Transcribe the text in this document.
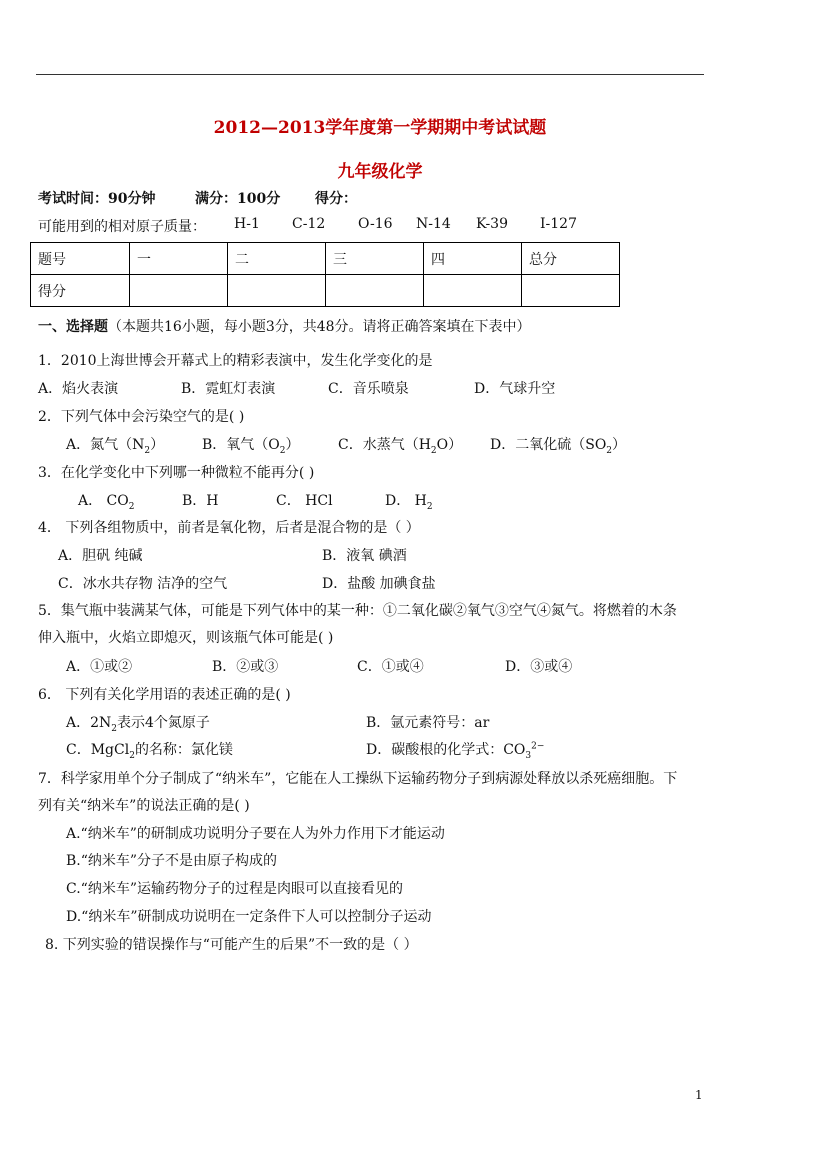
2012—2013学年度第一学期期中考试试题
九年级化学
考试时间：90分钟	满分：100分 得分：
可能用到的相对原子质量： H-1 C-12 O-16 N-14 K-39 I-127
题号	一	二	三	四	总分
得分					
一、选择题（本题共16小题，每小题3分，共48分。请将正确答案填在下表中）
1．2010上海世博会开幕式上的精彩表演中，发生化学变化的是
A．焰火表演	B．霓虹灯表演	C．音乐喷泉	D．气球升空
2．下列气体中会污染空气的是( )
A．氮气$(N_2)$	B．氧气$(O_2)$	C．水蒸气$(H_2O)$ D．二氧化硫$(SO_2)$
3．在化学变化中下列哪一种微粒不能再分( )
A． $CO_2$	B．H	C． HCl	D． $H_2$
4． 下列各组物质中，前者是氧化物，后者是混合物的是（ ）
A．胆矾 纯碱	B．液氧 碘酒
C．冰水共存物 洁净的空气	D．盐酸 加碘食盐
5．集气瓶中装满某气体，可能是下列气体中的某一种：①二氧化碳②氧气③空气④氮气。将燃着的木条
伸入瓶中，火焰立即熄灭，则该瓶气体可能是( )
A．①或②	B．②或③	C．①或④	D．③或④
6． 下列有关化学用语的表述正确的是( )
A．$2N_2$表示4个氮原子	B．氩元素符号：ar
C．MgCl$_2$的名称：氯化镁	D．碳酸根的化学式：$CO_3^{2-}$
7．科学家用单个分子制成了“纳米车”，它能在人工操纵下运输药物分子到病源处释放以杀死癌细胞。下
列有关“纳米车”的说法正确的是( )
A.“纳米车”的研制成功说明分子要在人为外力作用下才能运动
B.“纳米车”分子不是由原子构成的
C.“纳米车”运输药物分子的过程是肉眼可以直接看见的
D.“纳米车”研制成功说明在一定条件下人可以控制分子运动
8. 下列实验的错误操作与“可能产生的后果”不一致的是（ ）
1
